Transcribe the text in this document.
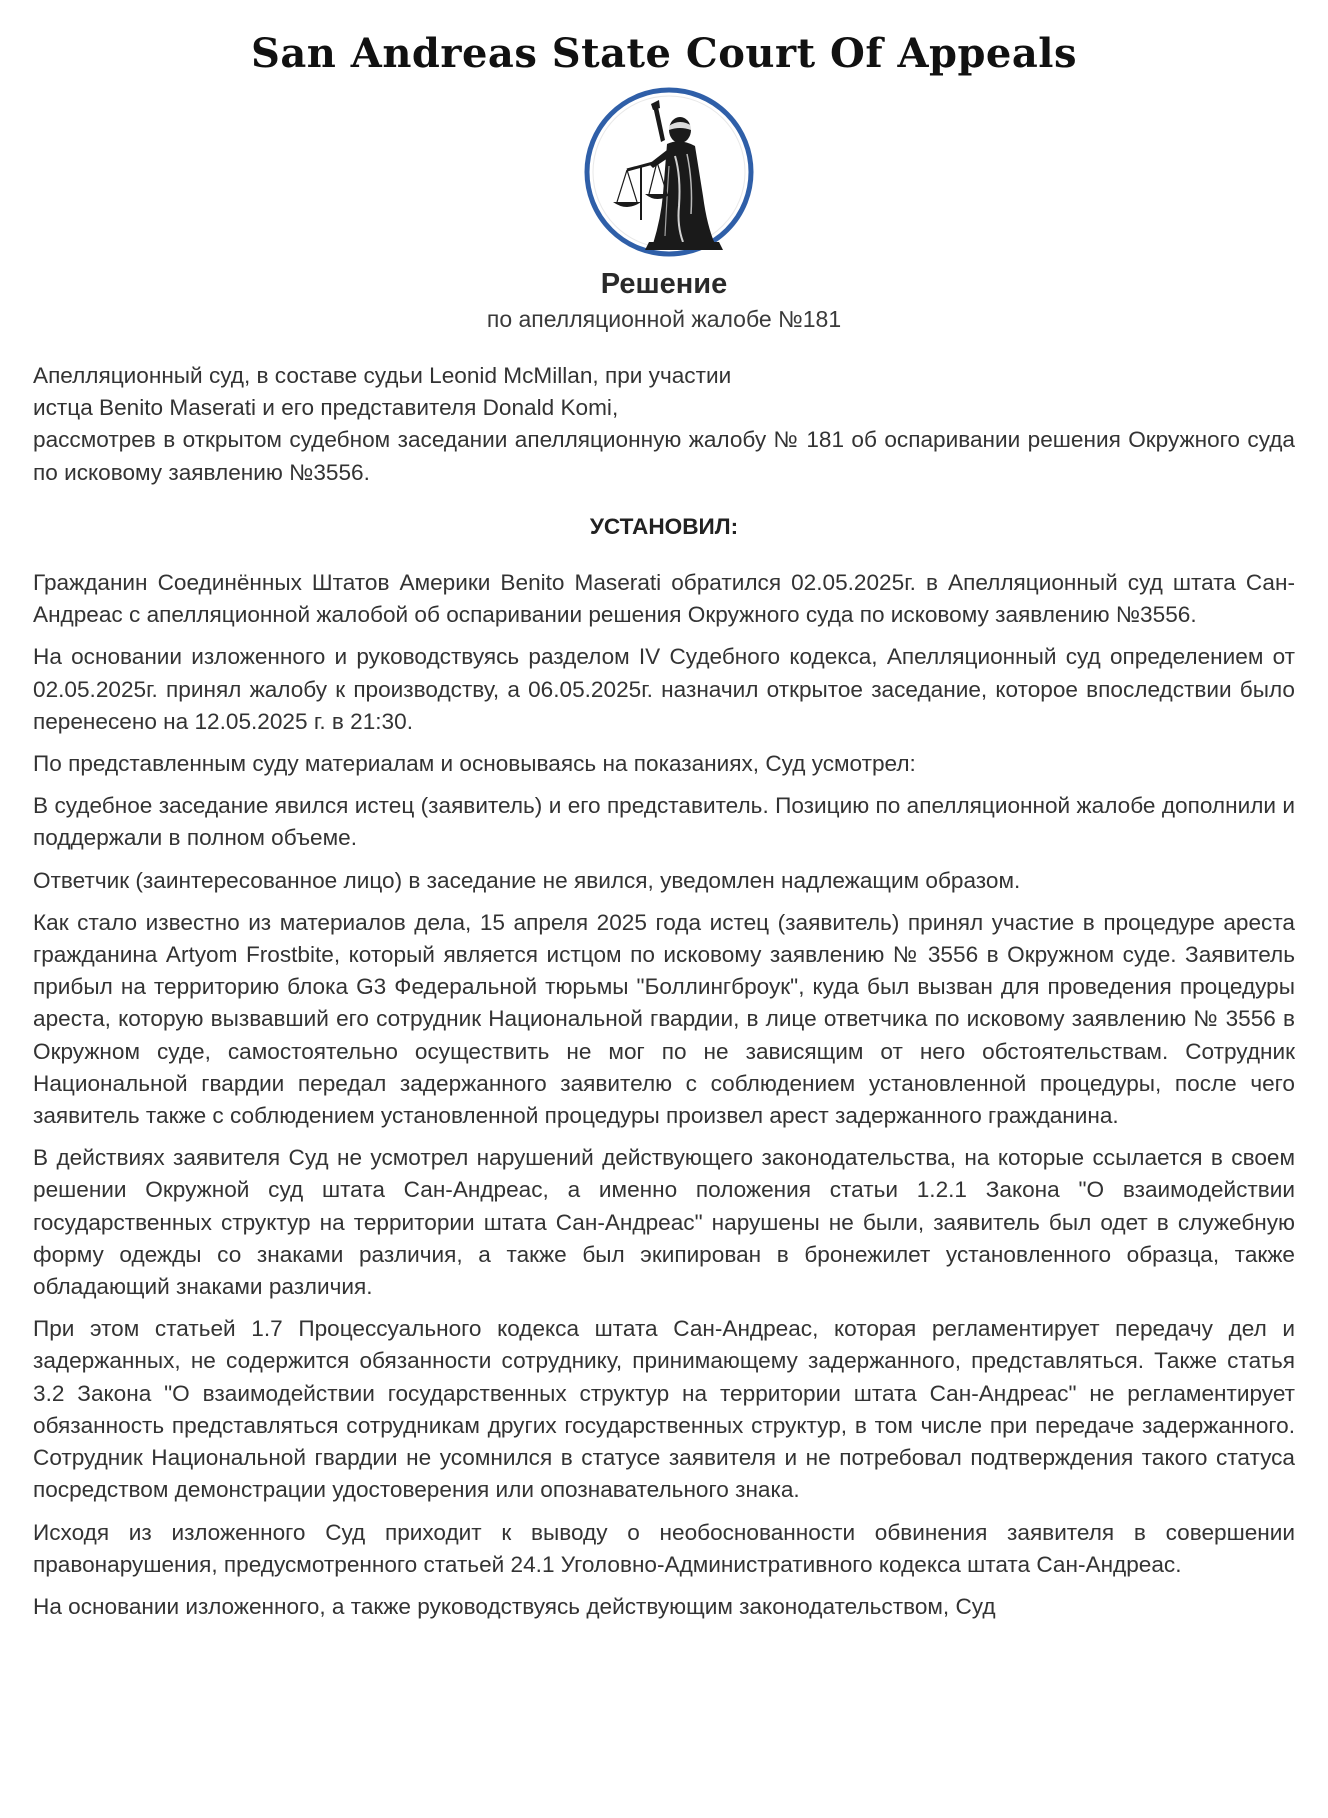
San Andreas State Court Of Appeals
Решение
по апелляционной жалобе №181

Апелляционный суд, в составе судьи Leonid McMillan, при участии

истца Benito Maserati и его представителя Donald Komi,

рассмотрев в открытом судебном заседании апелляционную жалобу № 181 об оспаривании решения Окружного суда по исковому заявлению №3556.

УСТАНОВИЛ:

Гражданин Соединённых Штатов Америки Benito Maserati обратился 02.05.2025г. в Апелляционный суд штата Сан-Андреас с апелляционной жалобой об оспаривании решения Окружного суда по исковому заявлению №3556.

На основании изложенного и руководствуясь разделом IV Судебного кодекса, Апелляционный суд определением от 02.05.2025г. принял жалобу к производству, а 06.05.2025г. назначил открытое заседание, которое впоследствии было перенесено на 12.05.2025 г. в 21:30.

По представленным суду материалам и основываясь на показаниях, Суд усмотрел:

В судебное заседание явился истец (заявитель) и его представитель. Позицию по апелляционной жалобе дополнили и поддержали в полном объеме.

Ответчик (заинтересованное лицо) в заседание не явился, уведомлен надлежащим образом.

Как стало известно из материалов дела, 15 апреля 2025 года истец (заявитель) принял участие в процедуре ареста гражданина Artyom Frostbite, который является истцом по исковому заявлению № 3556 в Окружном суде. Заявитель прибыл на территорию блока G3 Федеральной тюрьмы "Боллингброук", куда был вызван для проведения процедуры ареста, которую вызвавший его сотрудник Национальной гвардии, в лице ответчика по исковому заявлению № 3556 в Окружном суде, самостоятельно осуществить не мог по не зависящим от него обстоятельствам. Сотрудник Национальной гвардии передал задержанного заявителю с соблюдением установленной процедуры, после чего заявитель также с соблюдением установленной процедуры произвел арест задержанного гражданина.

В действиях заявителя Суд не усмотрел нарушений действующего законодательства, на которые ссылается в своем решении Окружной суд штата Сан-Андреас, а именно положения статьи 1.2.1 Закона "О взаимодействии государственных структур на территории штата Сан-Андреас" нарушены не были, заявитель был одет в служебную форму одежды со знаками различия, а также был экипирован в бронежилет установленного образца, также обладающий знаками различия.

При этом статьей 1.7 Процессуального кодекса штата Сан-Андреас, которая регламентирует передачу дел и задержанных, не содержится обязанности сотруднику, принимающему задержанного, представляться. Также статья 3.2 Закона "О взаимодействии государственных структур на территории штата Сан-Андреас" не регламентирует обязанность представляться сотрудникам других государственных структур, в том числе при передаче задержанного. Сотрудник Национальной гвардии не усомнился в статусе заявителя и не потребовал подтверждения такого статуса посредством демонстрации удостоверения или опознавательного знака.

Исходя из изложенного Суд приходит к выводу о необоснованности обвинения заявителя в совершении правонарушения, предусмотренного статьей 24.1 Уголовно-Административного кодекса штата Сан-Андреас.

На основании изложенного, а также руководствуясь действующим законодательством, Суд
